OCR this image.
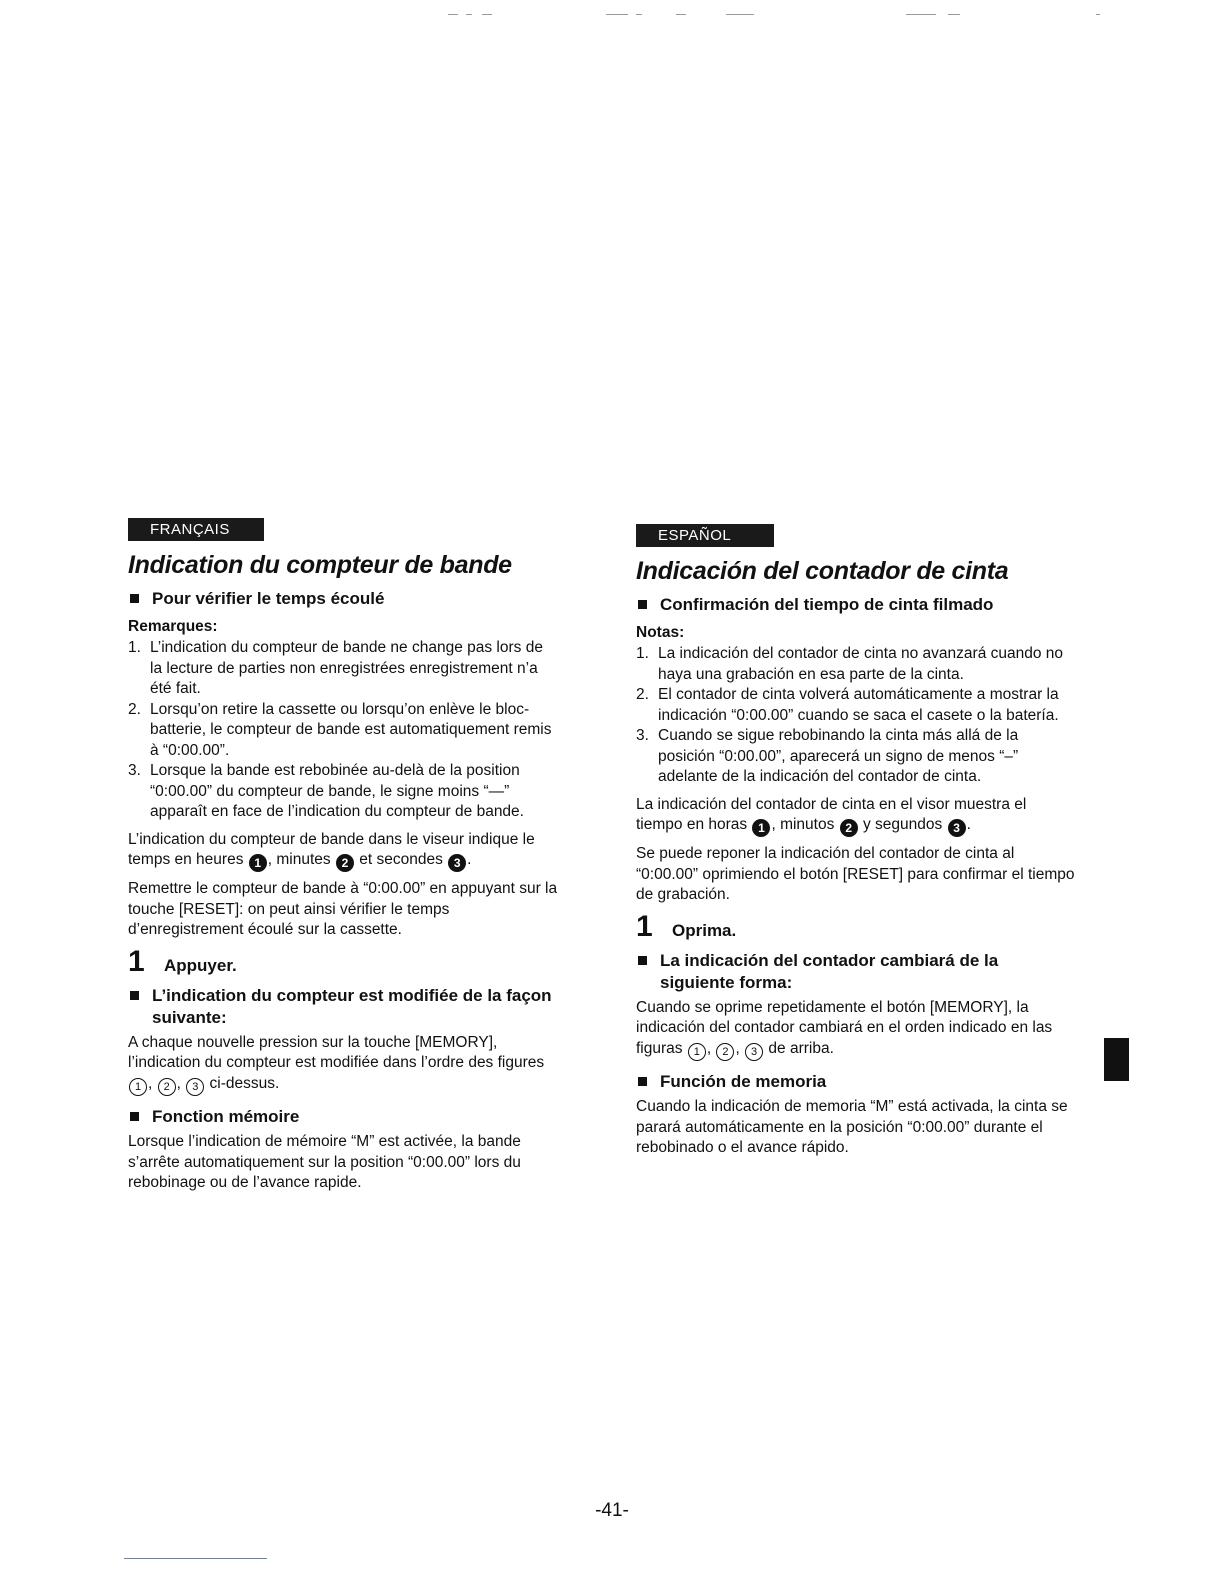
FRANÇAIS
Indication du compteur de bande
Pour vérifier le temps écoulé
Remarques:
1. L’indication du compteur de bande ne change pas lors de la lecture de parties non enregistrées enregistrement n’a été fait.
2. Lorsqu’on retire la cassette ou lorsqu’on enlève le bloc-batterie, le compteur de bande est automatiquement remis à “0:00.00”.
3. Lorsque la bande est rebobinée au-delà de la position “0:00.00” du compteur de bande, le signe moins “—” apparaît en face de l’indication du compteur de bande.

L’indication du compteur de bande dans le viseur indique le temps en heures 1 , minutes 2 et secondes 3 .

Remettre le compteur de bande à “0:00.00” en appuyant sur la touche [RESET]: on peut ainsi vérifier le temps d’enregistrement écoulé sur la cassette.

1	Appuyer.
L’indication du compteur est modifiée de la façon suivante:

A chaque nouvelle pression sur la touche [MEMORY], l’indication du compteur est modifiée dans l’ordre des figures 1 , 2 , 3 ci-dessus.

Fonction mémoire

Lorsque l’indication de mémoire “M” est activée, la bande s’arrête automatiquement sur la position “0:00.00” lors du rebobinage ou de l’avance rapide.

ESPAÑOL
Indicación del contador de cinta
Confirmación del tiempo de cinta filmado
Notas:
1. La indicación del contador de cinta no avanzará cuando no haya una grabación en esa parte de la cinta.
2. El contador de cinta volverá automáticamente a mostrar la indicación “0:00.00” cuando se saca el casete o la batería.
3. Cuando se sigue rebobinando la cinta más allá de la posición “0:00.00”, aparecerá un signo de menos “–” adelante de la indicación del contador de cinta.

La indicación del contador de cinta en el visor muestra el tiempo en horas 1 , minutos 2 y segundos 3 .

Se puede reponer la indicación del contador de cinta al “0:00.00” oprimiendo el botón [RESET] para confirmar el tiempo de grabación.

1	Oprima.
La indicación del contador cambiará de la siguiente forma:

Cuando se oprime repetidamente el botón [MEMORY], la indicación del contador cambiará en el orden indicado en las figuras 1 , 2 , 3 de arriba.

Función de memoria

Cuando la indicación de memoria “M” está activada, la cinta se parará automáticamente en la posición “0:00.00” durante el rebobinado o el avance rápido.

-41-
